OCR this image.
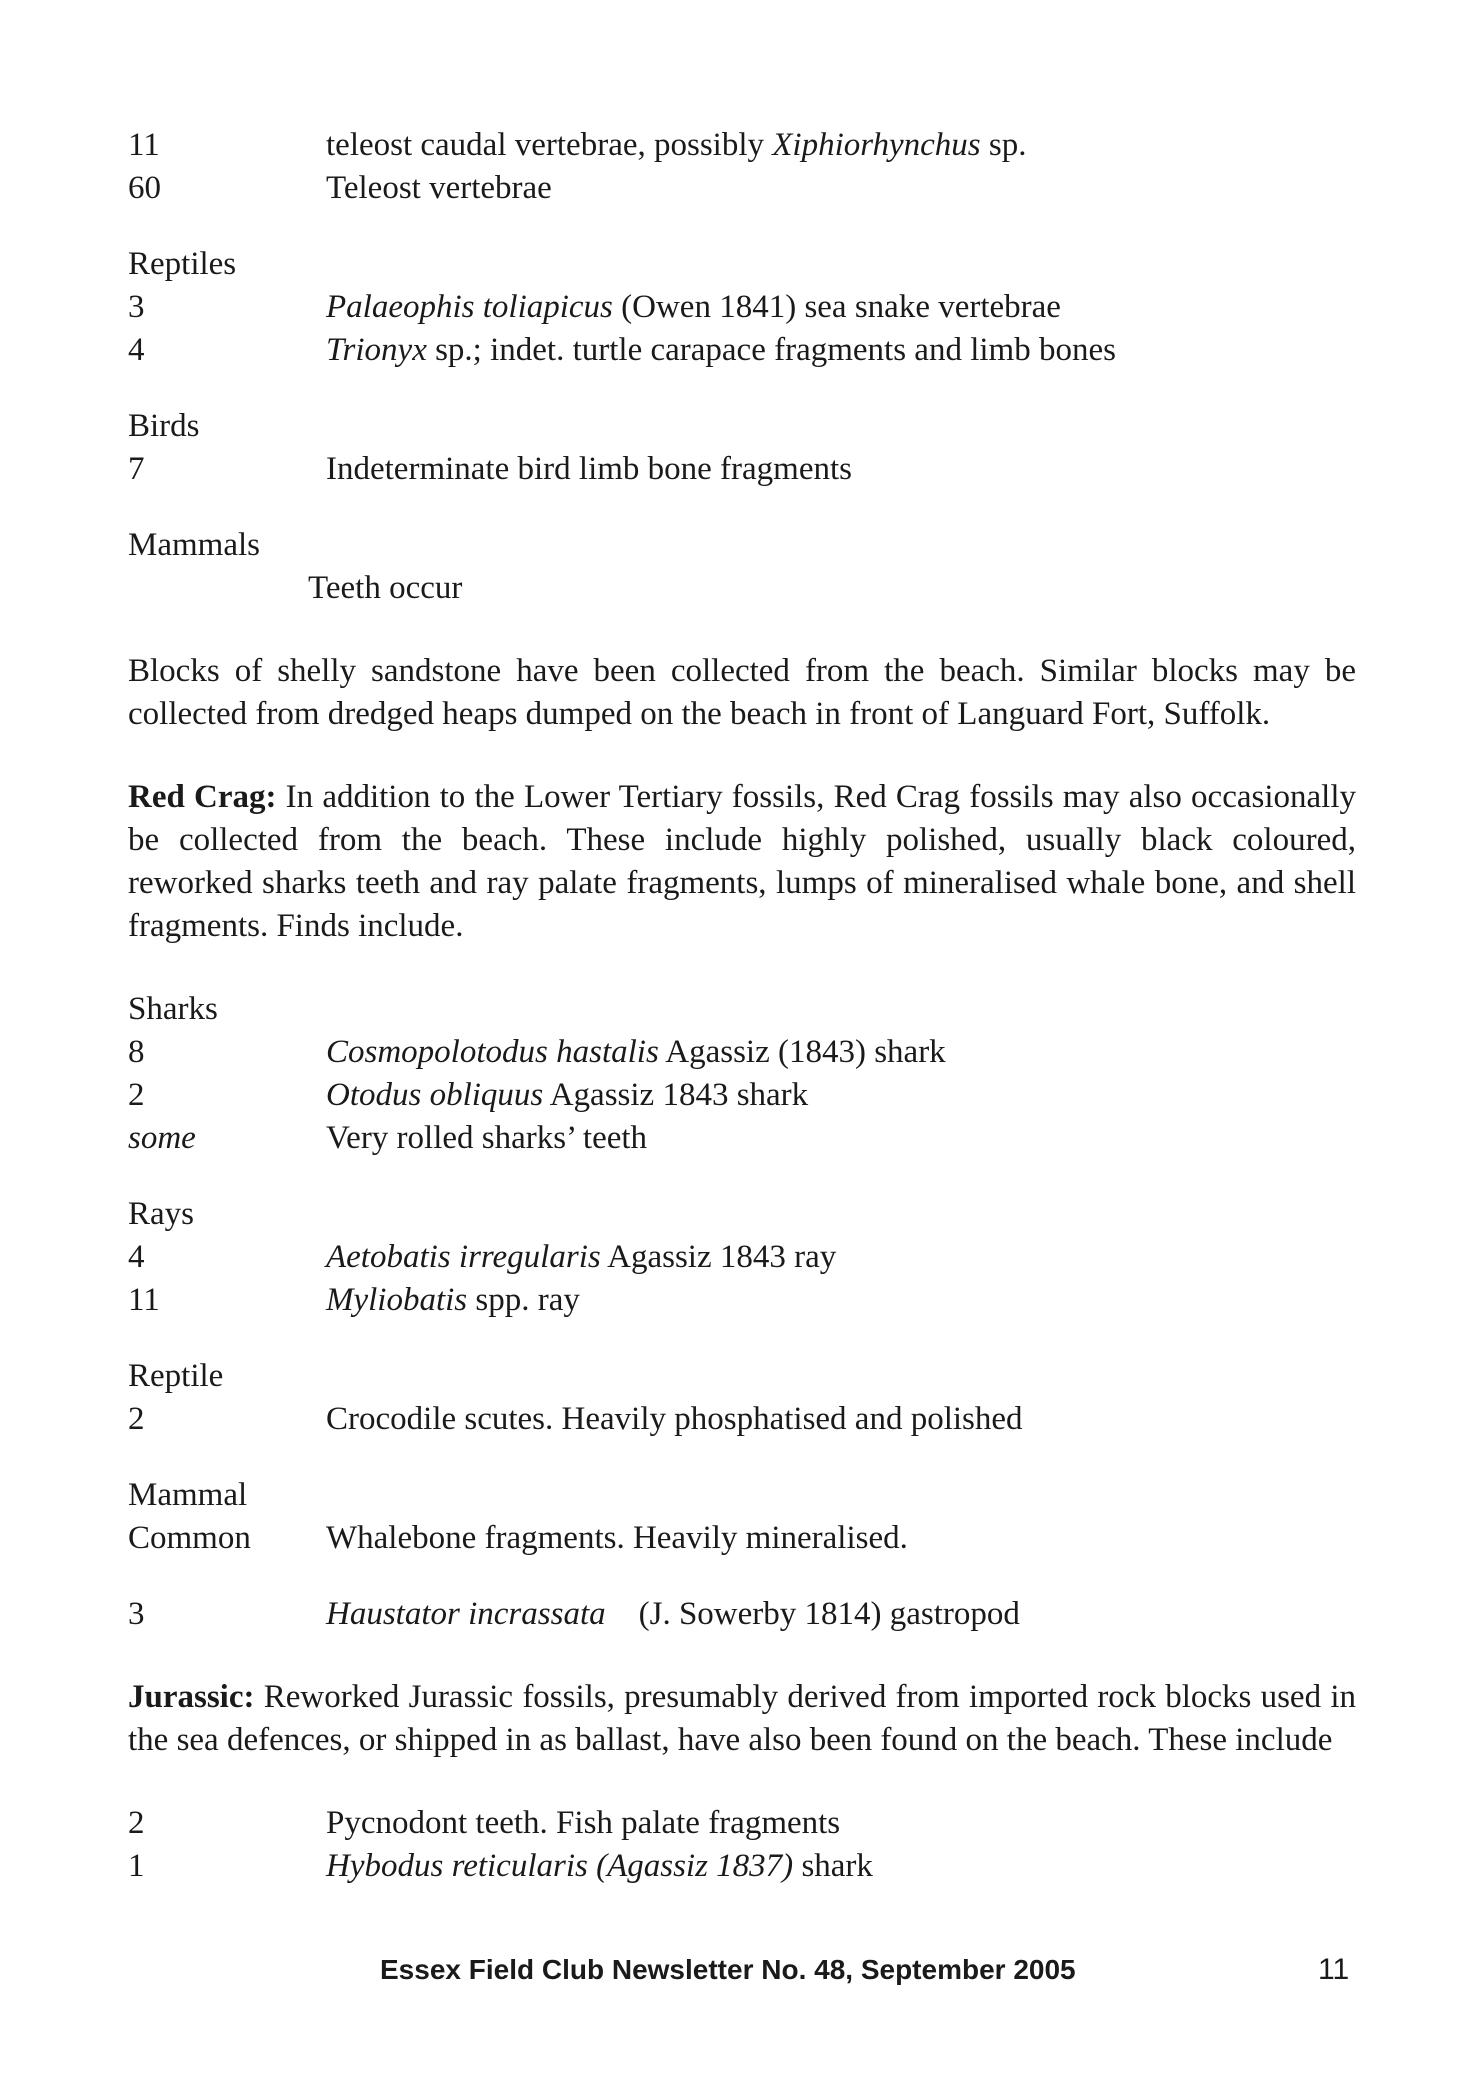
11	teleost caudal vertebrae, possibly Xiphiorhynchus sp.
60	Teleost vertebrae
Reptiles
3	Palaeophis toliapicus (Owen 1841) sea snake vertebrae
4	Trionyx sp.; indet. turtle carapace fragments and limb bones
Birds
7	Indeterminate bird limb bone fragments
Mammals
Teeth occur
Blocks of shelly sandstone have been collected from the beach. Similar blocks may be collected from dredged heaps dumped on the beach in front of Languard Fort, Suffolk.
Red Crag: In addition to the Lower Tertiary fossils, Red Crag fossils may also occasionally be collected from the beach. These include highly polished, usually black coloured, reworked sharks teeth and ray palate fragments, lumps of mineralised whale bone, and shell fragments. Finds include.
Sharks
8	Cosmopolotodus hastalis Agassiz (1843) shark
2	Otodus obliquus Agassiz 1843 shark
some	Very rolled sharks’ teeth
Rays
4	Aetobatis irregularis Agassiz 1843 ray
11	Myliobatis spp. ray
Reptile
2	Crocodile scutes. Heavily phosphatised and polished
Mammal
Common	Whalebone fragments. Heavily mineralised.
3	Haustator incrassata    (J. Sowerby 1814) gastropod
Jurassic: Reworked Jurassic fossils, presumably derived from imported rock blocks used in the sea defences, or shipped in as ballast, have also been found on the beach. These include
2	Pycnodont teeth. Fish palate fragments
1	Hybodus reticularis (Agassiz 1837) shark
Essex Field Club Newsletter No. 48, September 2005	11
